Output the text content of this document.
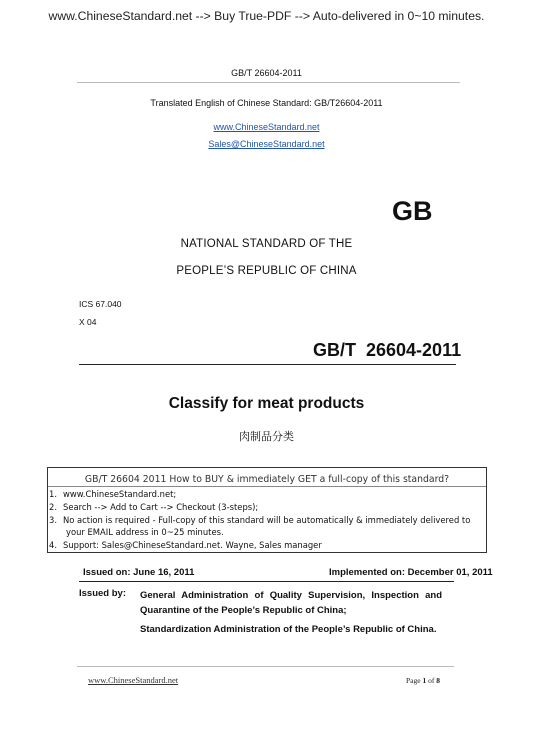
www.ChineseStandard.net --> Buy True-PDF --> Auto-delivered in 0~10 minutes.
GB/T 26604-2011
Translated English of Chinese Standard: GB/T26604-2011
www.ChineseStandard.net
Sales@ChineseStandard.net
GB
NATIONAL STANDARD OF THE
PEOPLE’S REPUBLIC OF CHINA
ICS 67.040
X 04
GB/T 26604-2011
Classify for meat products
肉制品分类
GB/T 26604 2011 How to BUY & immediately GET a full-copy of this standard?
1. www.ChineseStandard.net;
2. Search --> Add to Cart --> Checkout (3-steps);
3. No action is required - Full-copy of this standard will be automatically & immediately delivered to
your EMAIL address in 0~25 minutes.
4. Support: Sales@ChineseStandard.net. Wayne, Sales manager
Issued on: June 16, 2011	Implemented on: December 01, 2011
Issued by: General Administration of Quality Supervision, Inspection and Quarantine of the People’s Republic of China;
Standardization Administration of the People’s Republic of China.
www.ChineseStandard.net	Page 1 of 8
